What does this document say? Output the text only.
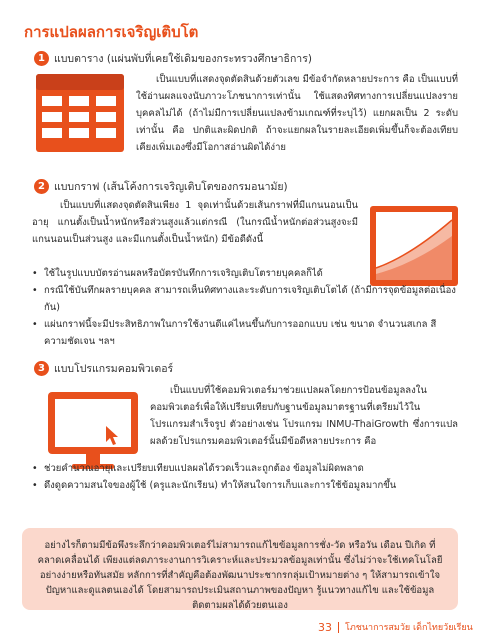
การแปลผลการเจริญเติบโต
1 แบบตาราง (แผ่นพับที่เคยใช้เดิมของกระทรวงศึกษาธิการ)

เป็นแบบที่แสดงจุดตัดสินด้วยตัวเลข มีข้อจำกัดหลายประการ คือ เป็นแบบที่ใช้อ่านผลแจงนับภาวะโภชนาการเท่านั้น ใช้แสดงทิศทางการเปลี่ยนแปลงรายบุคคลไม่ได้ (ถ้าไม่มีการเปลี่ยนแปลงข้ามเกณฑ์ที่ระบุไว้) แยกผลเป็น 2 ระดับเท่านั้น คือ ปกติและผิดปกติ ถ้าจะแยกผลในรายละเอียดเพิ่มขึ้นก็จะต้องเทียบเคียงเพิ่มเองซึ่งมีโอกาสอ่านผิดได้ง่าย

2 แบบกราฟ (เส้นโค้งการเจริญเติบโตของกรมอนามัย)

เป็นแบบที่แสดงจุดตัดสินเพียง 1 จุดเท่านั้นด้วยเส้นกราฟที่มีแกนนอนเป็นอายุ แกนตั้งเป็นน้ำหนักหรือส่วนสูงแล้วแต่กรณี (ในกรณีน้ำหนักต่อส่วนสูงจะมีแกนนอนเป็นส่วนสูง และมีแกนตั้งเป็นน้ำหนัก) มีข้อดีดังนี้

• ใช้ในรูปแบบบัตรอ่านผลหรือบัตรบันทึกการเจริญเติบโตรายบุคคลก็ได้
• กรณีใช้บันทึกผลรายบุคคล สามารถเห็นทิศทางและระดับการเจริญเติบโตได้ (ถ้ามีการจุดข้อมูลต่อเนื่องกัน)
• แผ่นกราฟนี้จะมีประสิทธิภาพในการใช้งานดีแค่ไหนขึ้นกับการออกแบบ เช่น ขนาด จำนวนสเกล สี ความชัดเจน ฯลฯ
3 แบบโปรแกรมคอมพิวเตอร์

เป็นแบบที่ใช้คอมพิวเตอร์มาช่วยแปลผลโดยการป้อนข้อมูลลงในคอมพิวเตอร์เพื่อให้เปรียบเทียบกับฐานข้อมูลมาตรฐานที่เตรียมไว้ในโปรแกรมสำเร็จรูป ตัวอย่างเช่น โปรแกรม INMU-ThaiGrowth ซึ่งการแปลผลด้วยโปรแกรมคอมพิวเตอร์นั้นมีข้อดีหลายประการ คือ

• ช่วยคำนวณอายุและเปรียบเทียบแปลผลได้รวดเร็วและถูกต้อง ข้อมูลไม่ผิดพลาด
• ดึงดูดความสนใจของผู้ใช้ (ครูและนักเรียน) ทำให้สนใจการเก็บและการใช้ข้อมูลมากขึ้น

อย่างไรก็ตามมีข้อพึงระลึกว่าคอมพิวเตอร์ไม่สามารถแก้ไขข้อมูลการชั่ง-วัด หรือวัน เดือน ปีเกิด ที่คลาดเคลื่อนได้ เพียงแต่ลดภาระงานการวิเคราะห์และประมวลข้อมูลเท่านั้น ซึ่งไม่ว่าจะใช้เทคโนโลยีอย่างง่ายหรือทันสมัย หลักการที่สำคัญคือต้องพัฒนาประชากรกลุ่มเป้าหมายต่าง ๆ ให้สามารถเข้าใจปัญหาและดูแลตนเองได้ โดยสามารถประเมินสถานภาพของปัญหา รู้แนวทางแก้ไข และใช้ข้อมูลติดตามผลได้ด้วยตนเอง

33 โภชนาการสมวัย เด็กไทยวัยเรียน
